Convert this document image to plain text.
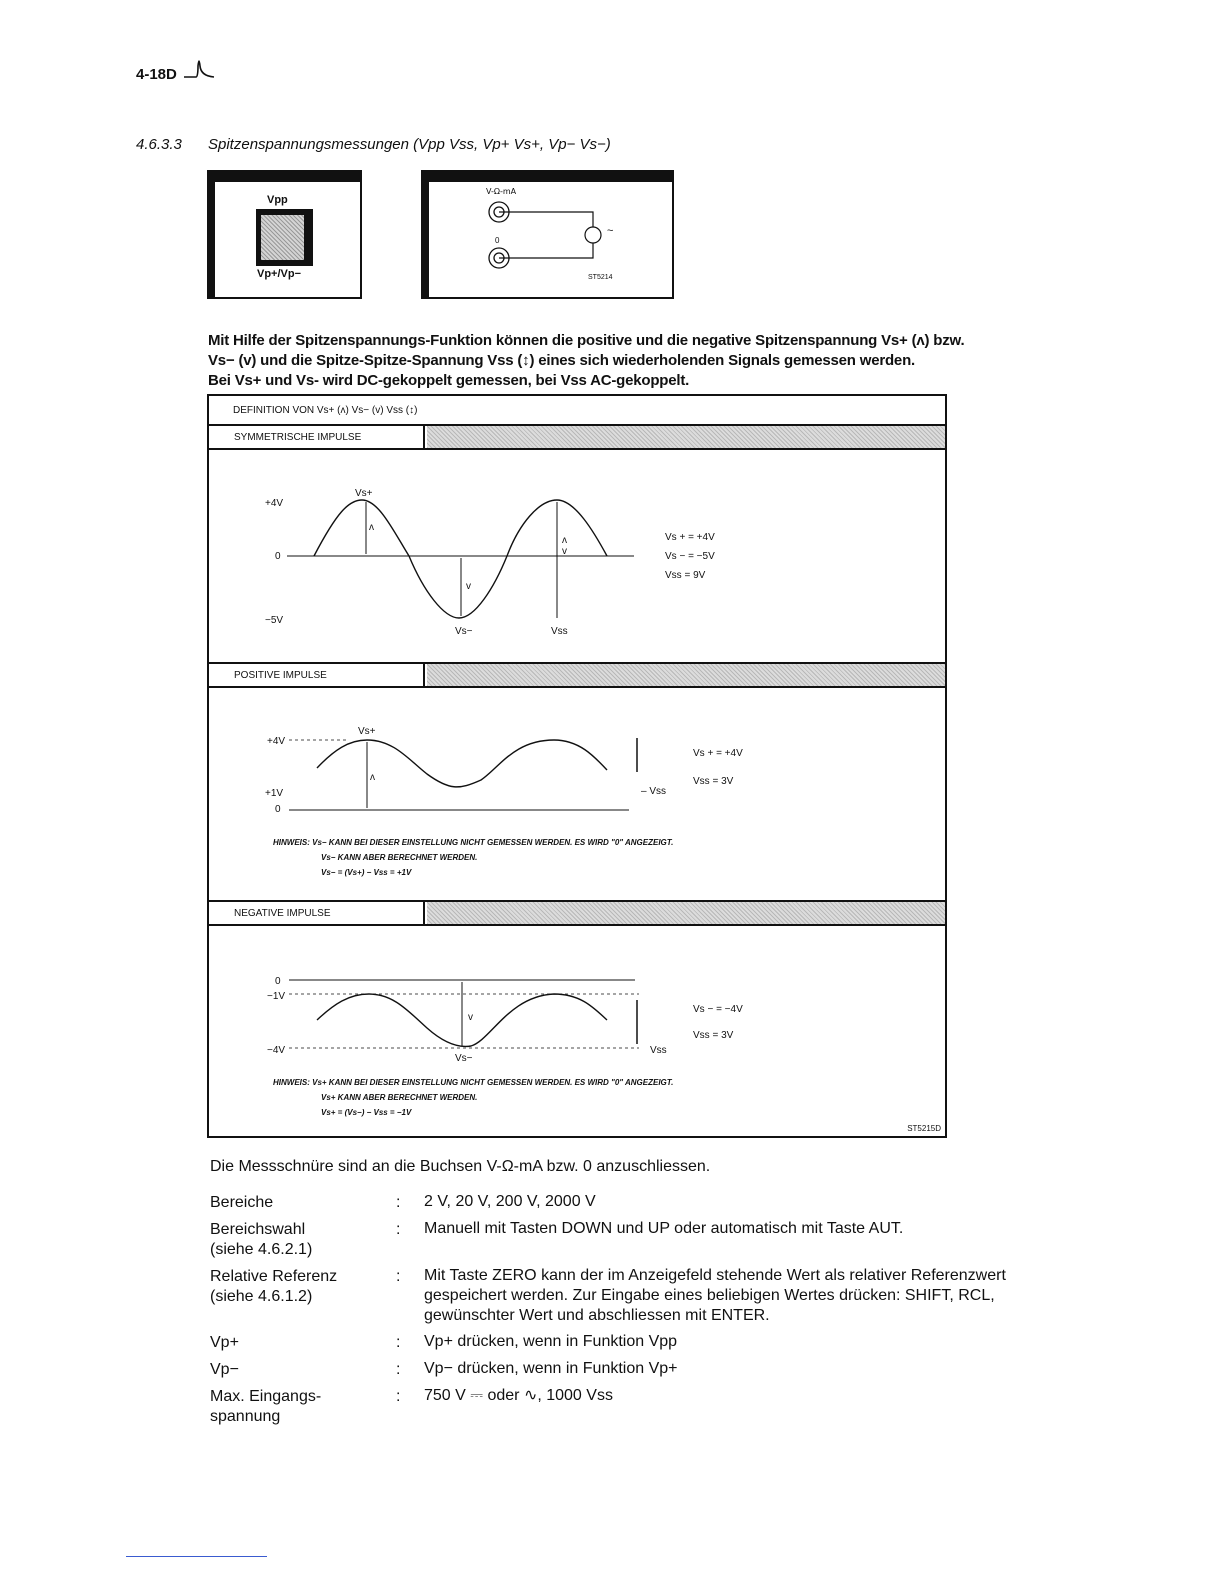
4-18D
4.6.3.3 Spitzenspannungsmessungen (Vpp Vss, Vp+ Vs+, Vp− Vs−)
Vpp
Vp+/Vp−
V-Ω-mA
0
~
ST5214
Mit Hilfe der Spitzenspannungs-Funktion können die positive und die negative Spitzenspannung Vs+ (ʌ) bzw.
Vs− (v) und die Spitze-Spitze-Spannung Vss (↕) eines sich wiederholenden Signals gemessen werden.
Bei Vs+ und Vs- wird DC-gekoppelt gemessen, bei Vss AC-gekoppelt.
DEFINITION VON Vs+ (ʌ) Vs− (v) Vss (↕)
SYMMETRISCHE IMPULSE
+4V
0
−5V
Vs+
ʌ
v
Vs−
ʌ v
Vss
Vs + = +4V
Vs − = −5V
Vss = 9V
POSITIVE IMPULSE
+4V
+1V
0
Vs+
ʌ
– Vss
Vs + = +4V
Vss = 3V
HINWEIS: Vs− KANN BEI DIESER EINSTELLUNG NICHT GEMESSEN WERDEN. ES WIRD "0" ANGEZEIGT.
Vs− KANN ABER BERECHNET WERDEN.
Vs− = (Vs+) − Vss = +1V
NEGATIVE IMPULSE
0
−1V
−4V
v
Vs−
Vss
Vs − = −4V
Vss = 3V
HINWEIS: Vs+ KANN BEI DIESER EINSTELLUNG NICHT GEMESSEN WERDEN. ES WIRD "0" ANGEZEIGT.
Vs+ KANN ABER BERECHNET WERDEN.
Vs+ = (Vs−) − Vss = −1V
ST5215D
Die Messschnüre sind an die Buchsen V-Ω-mA bzw. 0 anzuschliessen.
Bereiche	: 2 V, 20 V, 200 V, 2000 V
Bereichswahl
(siehe 4.6.2.1)
: Manuell mit Tasten DOWN und UP oder automatisch mit Taste AUT.
Relative Referenz
(siehe 4.6.1.2)
: Mit Taste ZERO kann der im Anzeigefeld stehende Wert als relativer Referenzwert gespeichert werden. Zur Eingabe eines beliebigen Wertes drücken: SHIFT, RCL, gewünschter Wert und abschliessen mit ENTER.
Vp+	: Vp+ drücken, wenn in Funktion Vpp
Vp−	: Vp− drücken, wenn in Funktion Vp+
Max. Eingangs-
spannung
: 750 V ⎓ oder ∿, 1000 Vss
